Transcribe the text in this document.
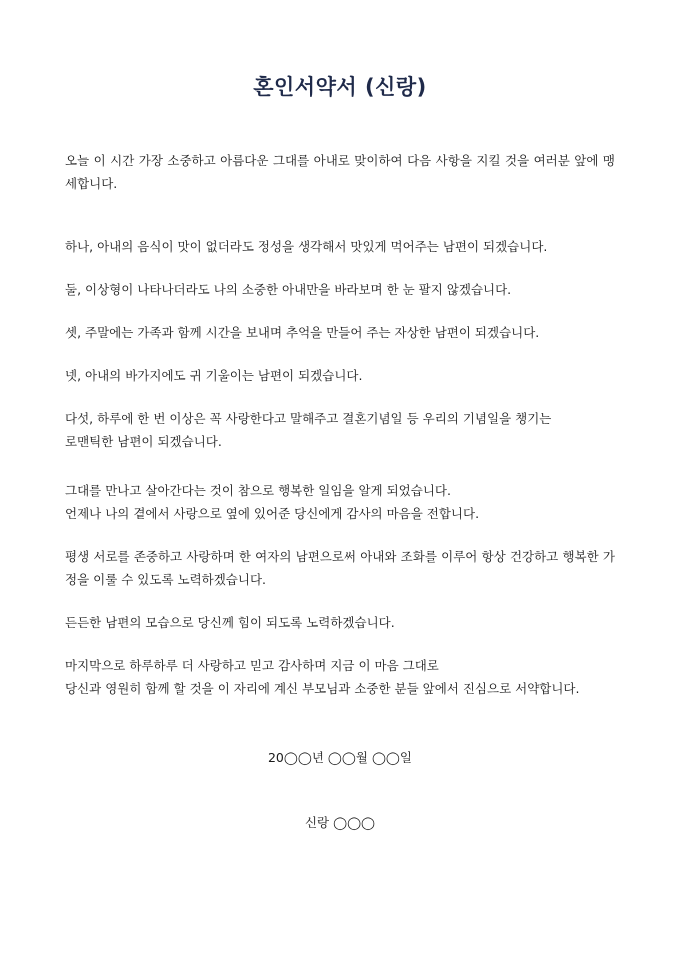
혼인서약서 (신랑)

오늘 이 시간 가장 소중하고 아름다운 그대를 아내로 맞이하여 다음 사항을 지킬 것을 여러분 앞에 맹세합니다.

하나, 아내의 음식이 맛이 없더라도 정성을 생각해서 맛있게 먹어주는 남편이 되겠습니다.

둘, 이상형이 나타나더라도 나의 소중한 아내만을 바라보며 한 눈 팔지 않겠습니다.

셋, 주말에는 가족과 함께 시간을 보내며 추억을 만들어 주는 자상한 남편이 되겠습니다.

넷, 아내의 바가지에도 귀 기울이는 남편이 되겠습니다.

다섯, 하루에 한 번 이상은 꼭 사랑한다고 말해주고 결혼기념일 등 우리의 기념일을 챙기는
로맨틱한 남편이 되겠습니다.

그대를 만나고 살아간다는 것이 참으로 행복한 일임을 알게 되었습니다.
언제나 나의 곁에서 사랑으로 옆에 있어준 당신에게 감사의 마음을 전합니다.

평생 서로를 존중하고 사랑하며 한 여자의 남편으로써 아내와 조화를 이루어 항상 건강하고 행복한 가정을 이룰 수 있도록 노력하겠습니다.

든든한 남편의 모습으로 당신께 힘이 되도록 노력하겠습니다.

마지막으로 하루하루 더 사랑하고 믿고 감사하며 지금 이 마음 그대로
당신과 영원히 함께 할 것을 이 자리에 계신 부모님과 소중한 분들 앞에서 진심으로 서약합니다.

20◯◯년 ◯◯월 ◯◯일
신랑 ◯◯◯
